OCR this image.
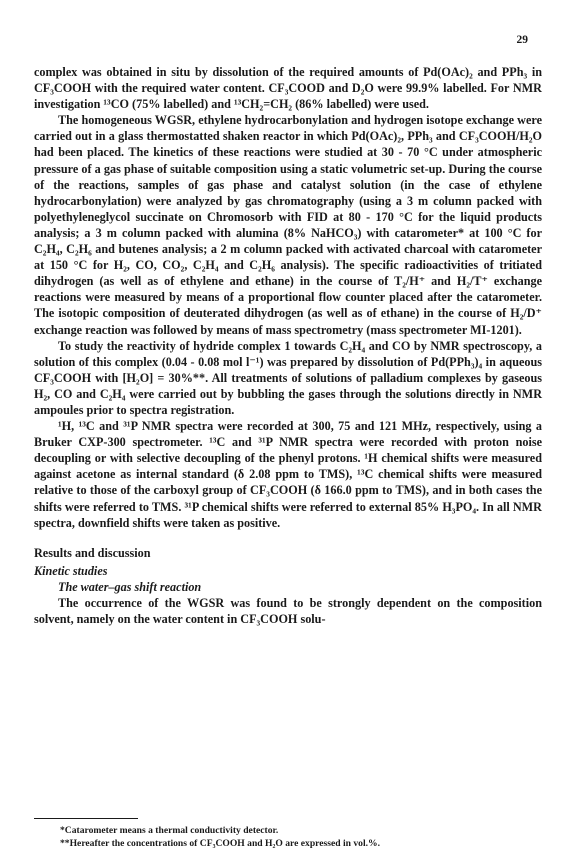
29

complex was obtained in situ by dissolution of the required amounts of Pd(OAc)₂ and PPh₃ in CF₃COOH with the required water content. CF₃COOD and D₂O were 99.9% labelled. For NMR investigation ¹³CO (75% labelled) and ¹³CH₂=CH₂ (86% labelled) were used.

The homogeneous WGSR, ethylene hydrocarbonylation and hydrogen isotope exchange were carried out in a glass thermostatted shaken reactor in which Pd(OAc)₂, PPh₃ and CF₃COOH/H₂O had been placed. The kinetics of these reactions were studied at 30 - 70 °C under atmospheric pressure of a gas phase of suitable composition using a static volumetric set-up. During the course of the reactions, samples of gas phase and catalyst solution (in the case of ethylene hydrocarbonylation) were analyzed by gas chromatography (using a 3 m column packed with polyethyleneglycol succinate on Chromosorb with FID at 80 - 170 °C for the liquid products analysis; a 3 m column packed with alumina (8% NaHCO₃) with catarometer* at 100 °C for C₂H₄, C₂H₆ and butenes analysis; a 2 m column packed with activated charcoal with catarometer at 150 °C for H₂, CO, CO₂, C₂H₄ and C₂H₆ analysis). The specific radioactivities of tritiated dihydrogen (as well as of ethylene and ethane) in the course of T₂/H⁺ and H₂/T⁺ exchange reactions were measured by means of a proportional flow counter placed after the catarometer. The isotopic composition of deuterated dihydrogen (as well as of ethane) in the course of H₂/D⁺ exchange reaction was followed by means of mass spectrometry (mass spectrometer MI-1201).

To study the reactivity of hydride complex 1 towards C₂H₄ and CO by NMR spectroscopy, a solution of this complex (0.04 - 0.08 mol l⁻¹) was prepared by dissolution of Pd(PPh₃)₄ in aqueous CF₃COOH with [H₂O] = 30%**. All treatments of solutions of palladium complexes by gaseous H₂, CO and C₂H₄ were carried out by bubbling the gases through the solutions directly in NMR ampoules prior to spectra registration.

¹H, ¹³C and ³¹P NMR spectra were recorded at 300, 75 and 121 MHz, respectively, using a Bruker CXP-300 spectrometer. ¹³C and ³¹P NMR spectra were recorded with proton noise decoupling or with selective decoupling of the phenyl protons. ¹H chemical shifts were measured against acetone as internal standard (δ 2.08 ppm to TMS), ¹³C chemical shifts were measured relative to those of the carboxyl group of CF₃COOH (δ 166.0 ppm to TMS), and in both cases the shifts were referred to TMS. ³¹P chemical shifts were referred to external 85% H₃PO₄. In all NMR spectra, downfield shifts were taken as positive.

Results and discussion

Kinetic studies

The water–gas shift reaction

The occurrence of the WGSR was found to be strongly dependent on the composition solvent, namely on the water content in CF₃COOH solu-

*Catarometer means a thermal conductivity detector.
**Hereafter the concentrations of CF₃COOH and H₂O are expressed in vol.%.
